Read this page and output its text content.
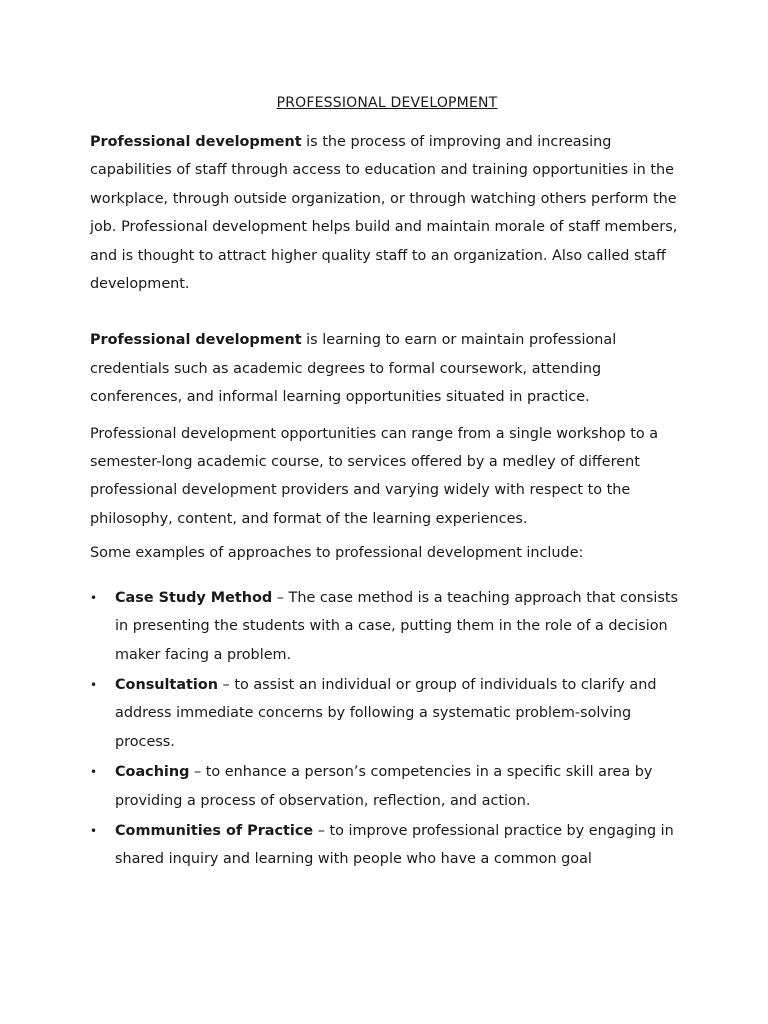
PROFESSIONAL DEVELOPMENT

Professional development is the process of improving and increasing capabilities of staff through access to education and training opportunities in the workplace, through outside organization, or through watching others perform the job. Professional development helps build and maintain morale of staff members, and is thought to attract higher quality staff to an organization. Also called staff development.

Professional development is learning to earn or maintain professional credentials such as academic degrees to formal coursework, attending conferences, and informal learning opportunities situated in practice.

Professional development opportunities can range from a single workshop to a semester-long academic course, to services offered by a medley of different professional development providers and varying widely with respect to the philosophy, content, and format of the learning experiences.

Some examples of approaches to professional development include:

• Case Study Method – The case method is a teaching approach that consists in presenting the students with a case, putting them in the role of a decision maker facing a problem.
• Consultation – to assist an individual or group of individuals to clarify and address immediate concerns by following a systematic problem-solving process.
• Coaching – to enhance a person’s competencies in a specific skill area by providing a process of observation, reflection, and action.
• Communities of Practice – to improve professional practice by engaging in shared inquiry and learning with people who have a common goal
